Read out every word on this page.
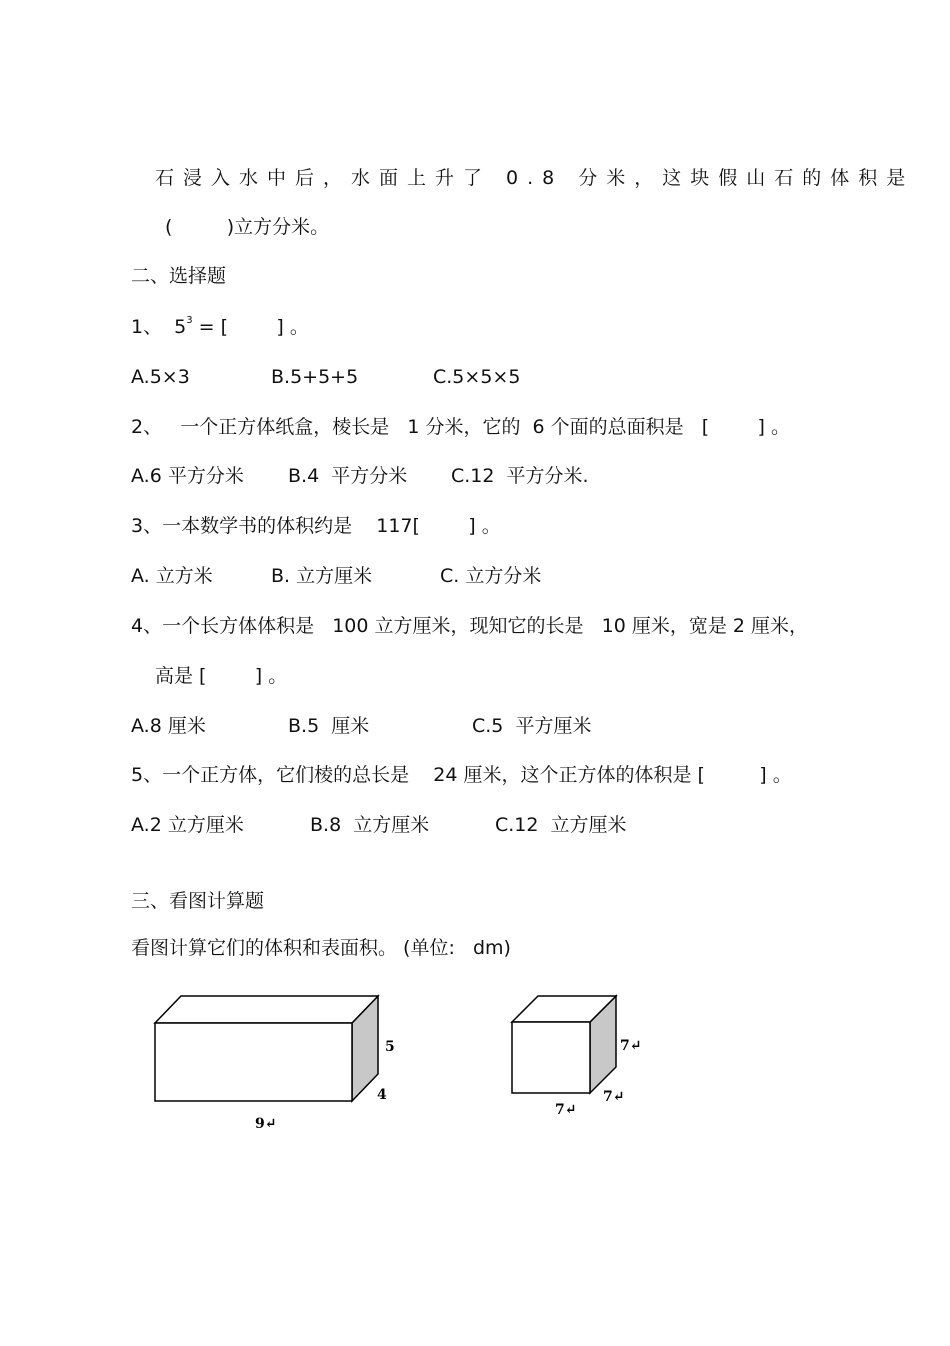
石浸入水中后，水面上升了 0.8 分米，这块假山石的体积是
(         )立方分米。
二、选择题
1、  $5^3$ = [        ] 。
A.5×3	B.5+5+5	C.5×5×5
2、   一个正方体纸盒，棱长是   1 分米，它的  6 个面的总面积是   [        ] 。
A.6 平方分米 B.4  平方分米 C.12  平方分米.
3、一本数学书的体积约是    117[        ] 。
A. 立方米	B. 立方厘米	C. 立方分米
4、一个长方体体积是   100 立方厘米，现知它的长是   10 厘米，宽是 2 厘米，
高是 [        ] 。
A.8 厘米	B.5  厘米	C.5  平方厘米
5、一个正方体，它们棱的总长是    24 厘米，这个正方体的体积是 [         ] 。
A.2 立方厘米	B.8  立方厘米	C.12  立方厘米
三、看图计算题
看图计算它们的体积和表面积。 (单位:   dm)
5
4
9↵
7↵
7↵
7↵
